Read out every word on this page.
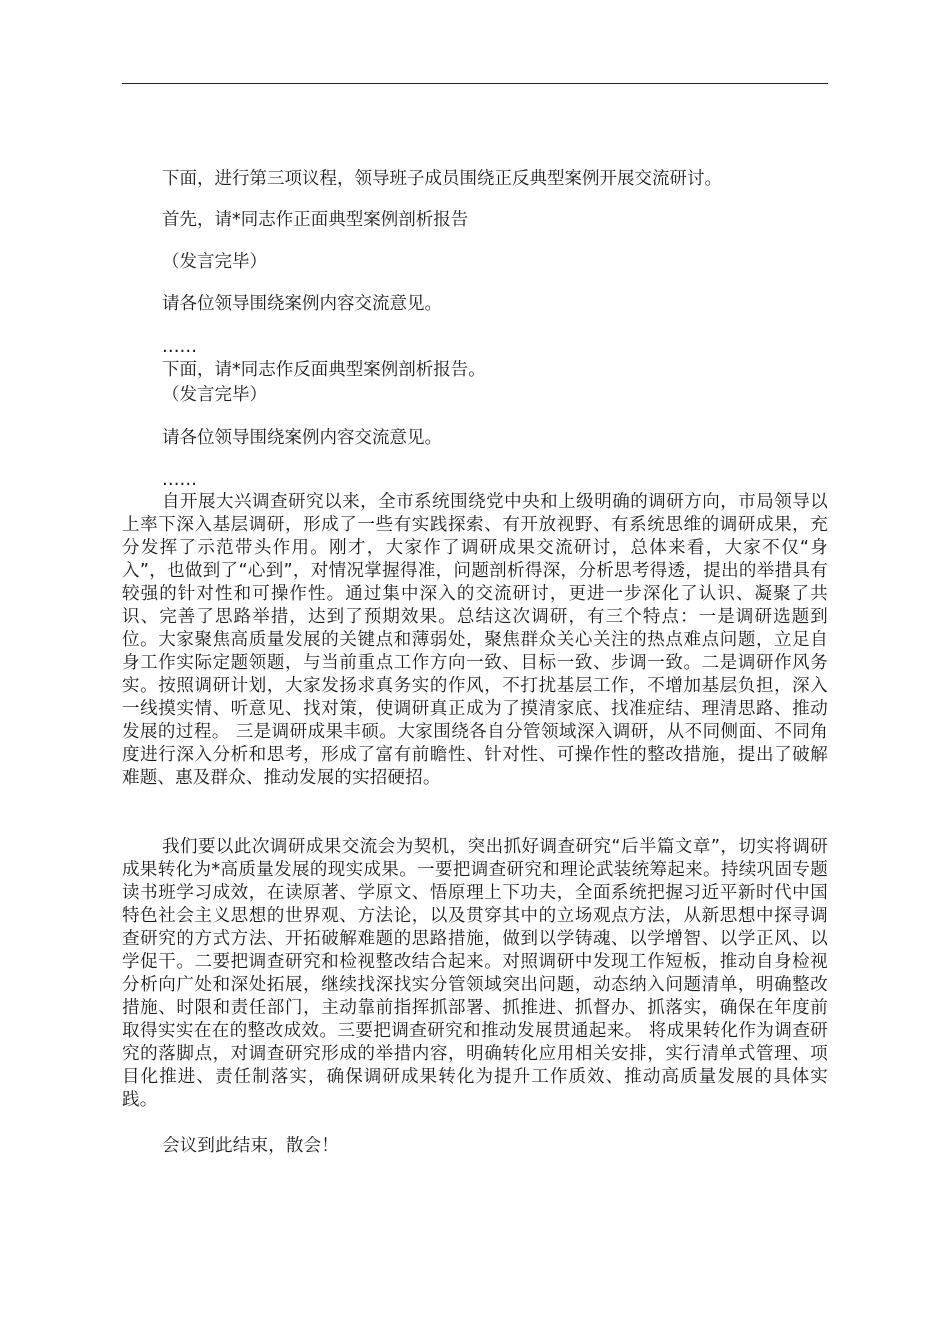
下面，进行第三项议程，领导班子成员围绕正反典型案例开展交流研讨。
首先，请*同志作正面典型案例剖析报告
（发言完毕）
请各位领导围绕案例内容交流意见。
……
下面，请*同志作反面典型案例剖析报告。
（发言完毕）
请各位领导围绕案例内容交流意见。
……

自开展大兴调查研究以来，全市系统围绕党中央和上级明确的调研方向，市局领导以上率下深入基层调研，形成了一些有实践探索、有开放视野、有系统思维的调研成果，充分发挥了示范带头作用。刚才，大家作了调研成果交流研讨，总体来看，大家不仅“身入”，也做到了“心到”，对情况掌握得准，问题剖析得深，分析思考得透，提出的举措具有较强的针对性和可操作性。通过集中深入的交流研讨，更进一步深化了认识、凝聚了共识、完善了思路举措，达到了预期效果。总结这次调研，有三个特点：一是调研选题到位。大家聚焦高质量发展的关键点和薄弱处，聚焦群众关心关注的热点难点问题，立足自身工作实际定题领题，与当前重点工作方向一致、目标一致、步调一致。二是调研作风务实。按照调研计划，大家发扬求真务实的作风，不打扰基层工作，不增加基层负担，深入一线摸实情、听意见、找对策，使调研真正成为了摸清家底、找准症结、理清思路、推动发展的过程。 三是调研成果丰硕。大家围绕各自分管领域深入调研，从不同侧面、不同角度进行深入分析和思考，形成了富有前瞻性、针对性、可操作性的整改措施，提出了破解难题、惠及群众、推动发展的实招硬招。

我们要以此次调研成果交流会为契机，突出抓好调查研究“后半篇文章”，切实将调研成果转化为*高质量发展的现实成果。一要把调查研究和理论武装统筹起来。持续巩固专题读书班学习成效，在读原著、学原文、悟原理上下功夫，全面系统把握习近平新时代中国特色社会主义思想的世界观、方法论，以及贯穿其中的立场观点方法，从新思想中探寻调查研究的方式方法、开拓破解难题的思路措施，做到以学铸魂、以学增智、以学正风、以学促干。二要把调查研究和检视整改结合起来。对照调研中发现工作短板，推动自身检视分析向广处和深处拓展，继续找深找实分管领域突出问题，动态纳入问题清单，明确整改措施、时限和责任部门，主动靠前指挥抓部署、抓推进、抓督办、抓落实，确保在年度前取得实实在在的整改成效。三要把调查研究和推动发展贯通起来。 将成果转化作为调查研究的落脚点，对调查研究形成的举措内容，明确转化应用相关安排，实行清单式管理、项目化推进、责任制落实，确保调研成果转化为提升工作质效、推动高质量发展的具体实践。

会议到此结束，散会！
